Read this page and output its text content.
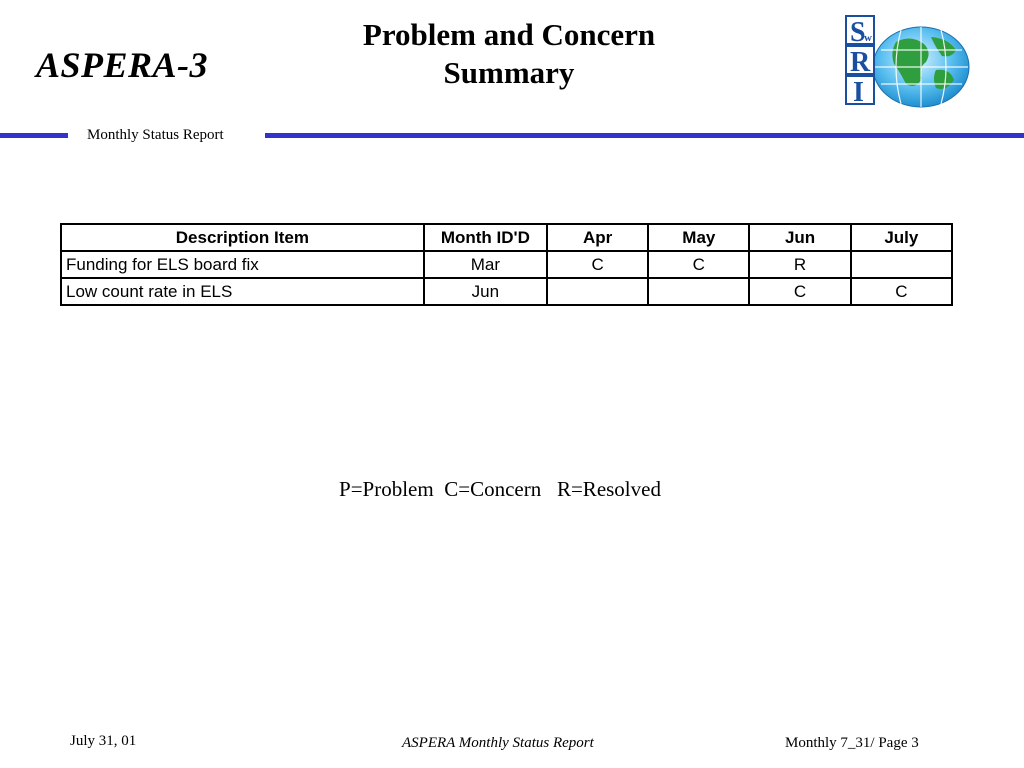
ASPERA-3
Problem and Concern
Summary
S
w
R
I
Monthly Status Report
Description Item	Month ID'D	Apr	May	Jun	July
Funding for ELS board fix	Mar	C	C	R	
Low count rate in ELS	Jun			C	C
P=Problem  C=Concern   R=Resolved
July 31, 01	ASPERA Monthly Status Report	Monthly 7_31/ Page 3
